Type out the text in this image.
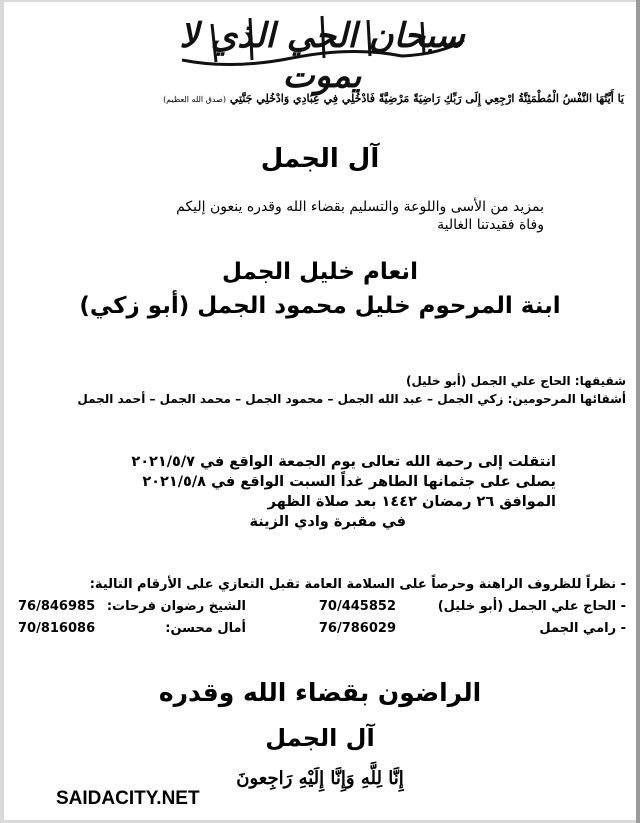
سبحان الحي الذي لا يموت
يَا أَيَّتُهَا النَّفْسُ الْمُطْمَئِنَّةُ ارْجِعِي إِلَى رَبِّكِ رَاضِيَةً مَرْضِيَّةً فَادْخُلِي فِي عِبَادِي وَادْخُلِي جَنَّتِي (صدق الله العظيم)
آل الجمل
بمزيد من الأسى واللوعة والتسليم بقضاء الله وقدره ينعون إليكم
وفاة فقيدتنا الغالية
انعام خليل الجمل
ابنة المرحوم خليل محمود الجمل (أبو زكي)
شقيقها: الحاج علي الجمل (أبو خليل)
أشقائها المرحومين: زكي الجمل – عبد الله الجمل – محمود الجمل – محمد الجمل – أحمد الجمل
انتقلت إلى رحمة الله تعالى يوم الجمعة الواقع في ٢٠٢١/٥/٧
يصلى على جثمانها الطاهر غداً السبت الواقع في ٢٠٢١/٥/٨
الموافق ٢٦ رمضان ١٤٤٢ بعد صلاة الظهر
في مقبرة وادي الزينة
- نظراً للظروف الراهنة وحرصاً على السلامة العامة تقبل التعازي على الأرقام التالية:
- الحاج علي الجمل (أبو خليل)
70/445852
الشيخ رضوان فرحات:
76/846985
- رامي الجمل
76/786029
أمال محسن:
70/816086
الراضون بقضاء الله وقدره
آل الجمل
إِنَّا لِلَّهِ وَإِنَّا إِلَيْهِ رَاجِعونَ
SAIDACITY.NET
